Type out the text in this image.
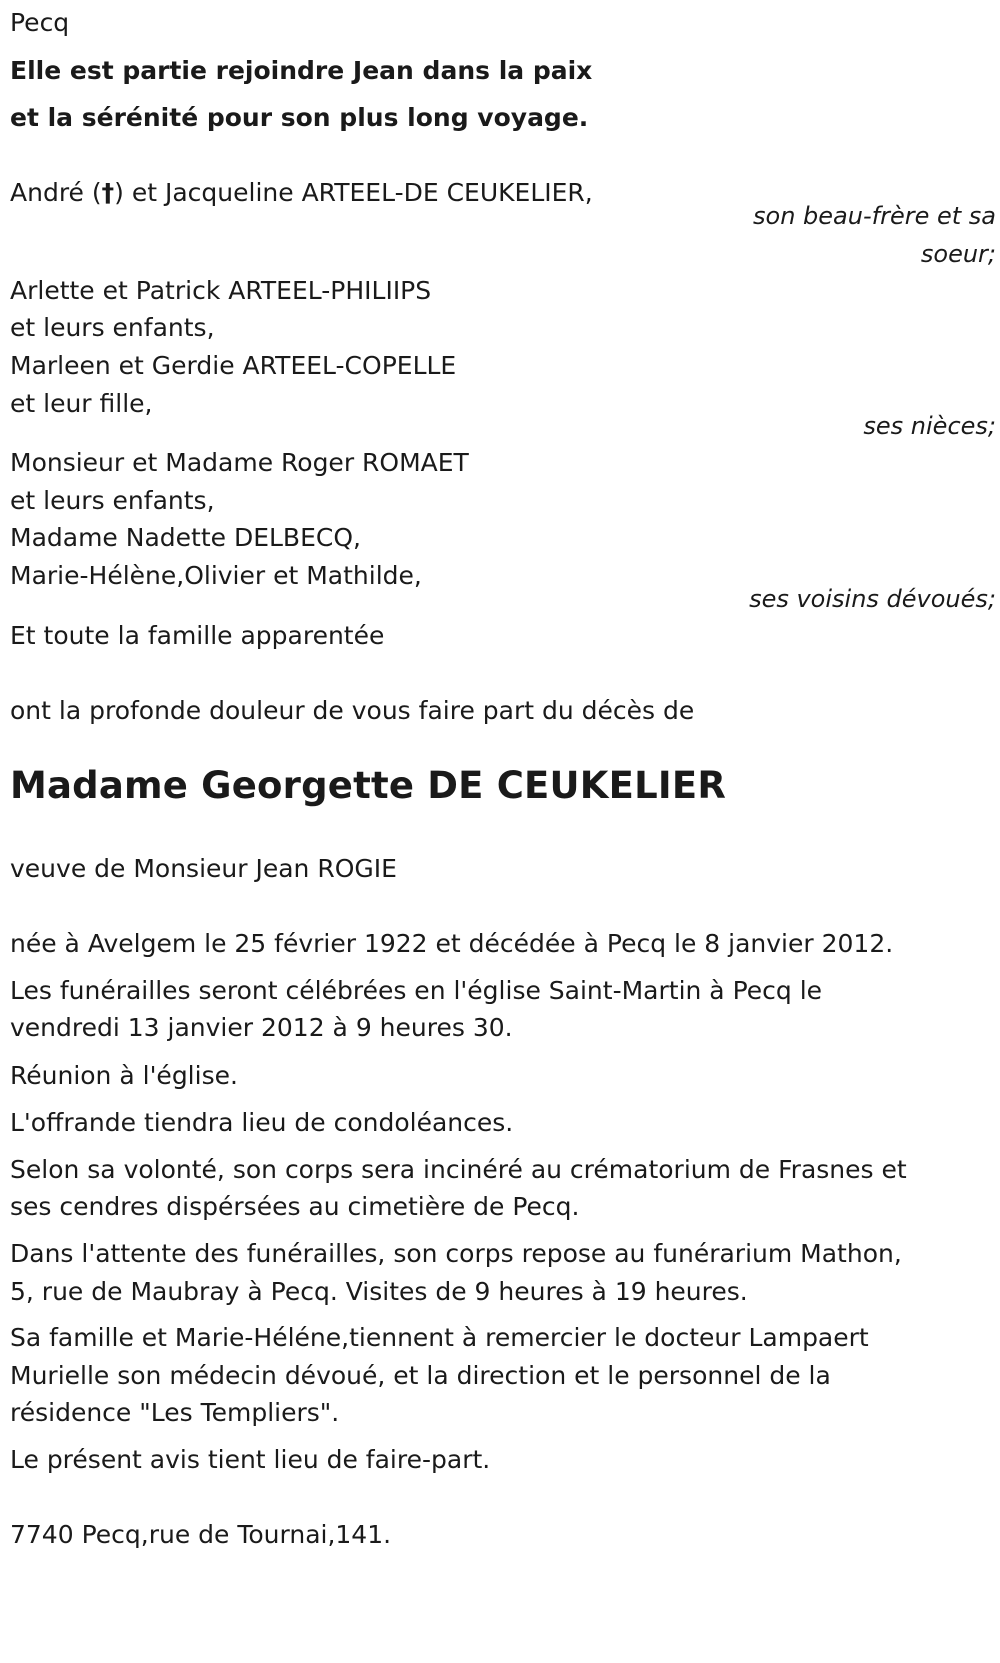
Pecq
Elle est partie rejoindre Jean dans la paix
et la sérénité pour son plus long voyage.
André (†) et Jacqueline ARTEEL-DE CEUKELIER,
son beau-frère et sa
soeur;
Arlette et Patrick ARTEEL-PHILIIPS
et leurs enfants,
Marleen et Gerdie ARTEEL-COPELLE
et leur fille,
ses nièces;
Monsieur et Madame Roger ROMAET
et leurs enfants,
Madame Nadette DELBECQ,
Marie-Hélène,Olivier et Mathilde,
ses voisins dévoués;
Et toute la famille apparentée
ont la profonde douleur de vous faire part du décès de
Madame Georgette DE CEUKELIER
veuve de Monsieur Jean ROGIE
née à Avelgem le 25 février 1922 et décédée à Pecq le 8 janvier 2012.
Les funérailles seront célébrées en l'église Saint-Martin à Pecq le
vendredi 13 janvier 2012 à 9 heures 30.
Réunion à l'église.
L'offrande tiendra lieu de condoléances.
Selon sa volonté, son corps sera incinéré au crématorium de Frasnes et
ses cendres dispérsées au cimetière de Pecq.
Dans l'attente des funérailles, son corps repose au funérarium Mathon,
5, rue de Maubray à Pecq. Visites de 9 heures à 19 heures.
Sa famille et Marie-Héléne,tiennent à remercier le docteur Lampaert
Murielle son médecin dévoué, et la direction et le personnel de la
résidence "Les Templiers".
Le présent avis tient lieu de faire-part.
7740 Pecq,rue de Tournai,141.
